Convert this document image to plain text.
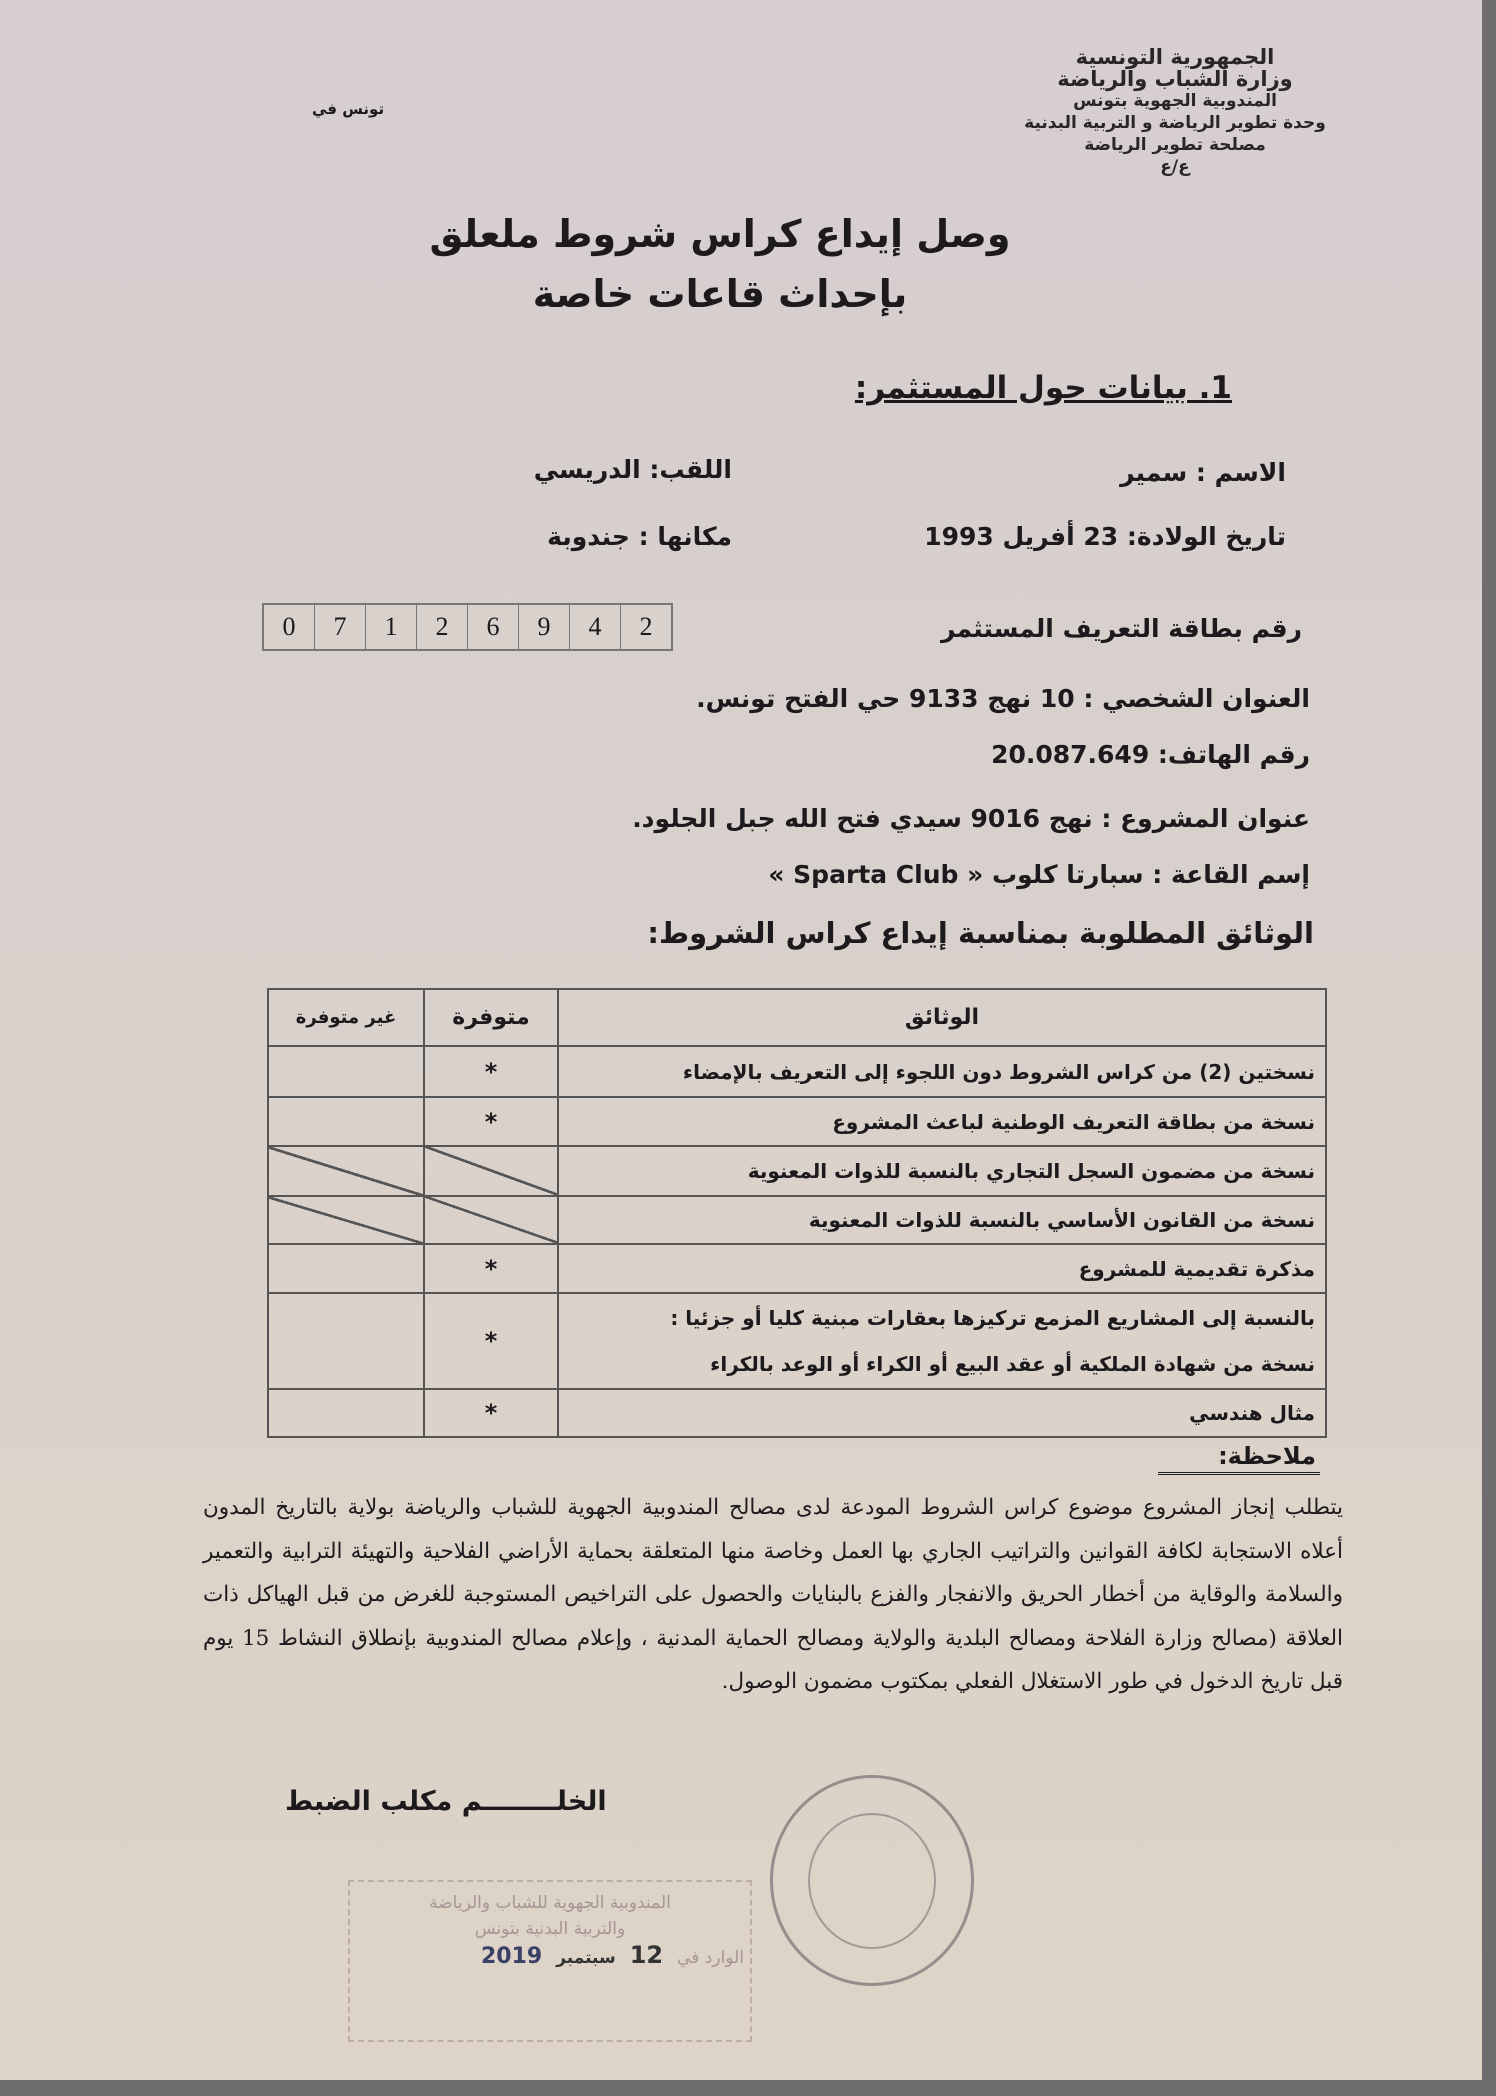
الجمهورية التونسية
وزارة الشباب والرياضة
المندوبية الجهوية بتونس
وحدة تطوير الرياضة و التربية البدنية
مصلحة تطوير الرياضة
ع/ع
تونس في
وصل إيداع كراس شروط ملعلق
بإحداث قاعات خاصة
1. بيانات حول المستثمر:
الاسم : سمير
اللقب: الدريسي
تاريخ الولادة: 23 أفريل 1993
مكانها : جندوبة
رقم بطاقة التعريف المستثمر
0	7	1	2	6	9	4	2
العنوان الشخصي : 10 نهج 9133 حي الفتح تونس.
رقم الهاتف: 20.087.649
عنوان المشروع : نهج 9016 سيدي فتح الله جبل الجلود.
إسم القاعة : سبارتا كلوب « Sparta Club »
الوثائق المطلوبة بمناسبة إيداع كراس الشروط:
الوثائق	متوفرة	غير متوفرة
نسختين (2) من كراس الشروط دون اللجوء إلى التعريف بالإمضاء	*	
نسخة من بطاقة التعريف الوطنية لباعث المشروع	*	
نسخة من مضمون السجل التجاري بالنسبة للذوات المعنوية		
نسخة من القانون الأساسي بالنسبة للذوات المعنوية		
مذكرة تقديمية للمشروع	*	

بالنسبة إلى المشاريع المزمع تركيزها بعقارات مبنية كليا أو جزئيا :
نسخة من شهادة الملكية أو عقد البيع أو الكراء أو الوعد بالكراء	*	
مثال هندسي	*	
ملاحظة:
يتطلب إنجاز المشروع موضوع كراس الشروط المودعة لدى مصالح المندوبية الجهوية للشباب والرياضة بولاية بالتاريخ المدون أعلاه الاستجابة لكافة القوانين والتراتيب الجاري بها العمل وخاصة منها المتعلقة بحماية الأراضي الفلاحية والتهيئة الترابية والتعمير والسلامة والوقاية من أخطار الحريق والانفجار والفزع بالبنايات والحصول على التراخيص المستوجبة للغرض من قبل الهياكل ذات العلاقة (مصالح وزارة الفلاحة ومصالح البلدية والولاية ومصالح الحماية المدنية ، وإعلام مصالح المندوبية بإنطلاق النشاط 15 يوم قبل تاريخ الدخول في طور الاستغلال الفعلي بمكتوب مضمون الوصول.
الخلــــــــم مكلب الضبط
المندوبية الجهوية للشباب والرياضة
والتربية البدنية بتونس
الوارد في
12
سبتمبر
2019
